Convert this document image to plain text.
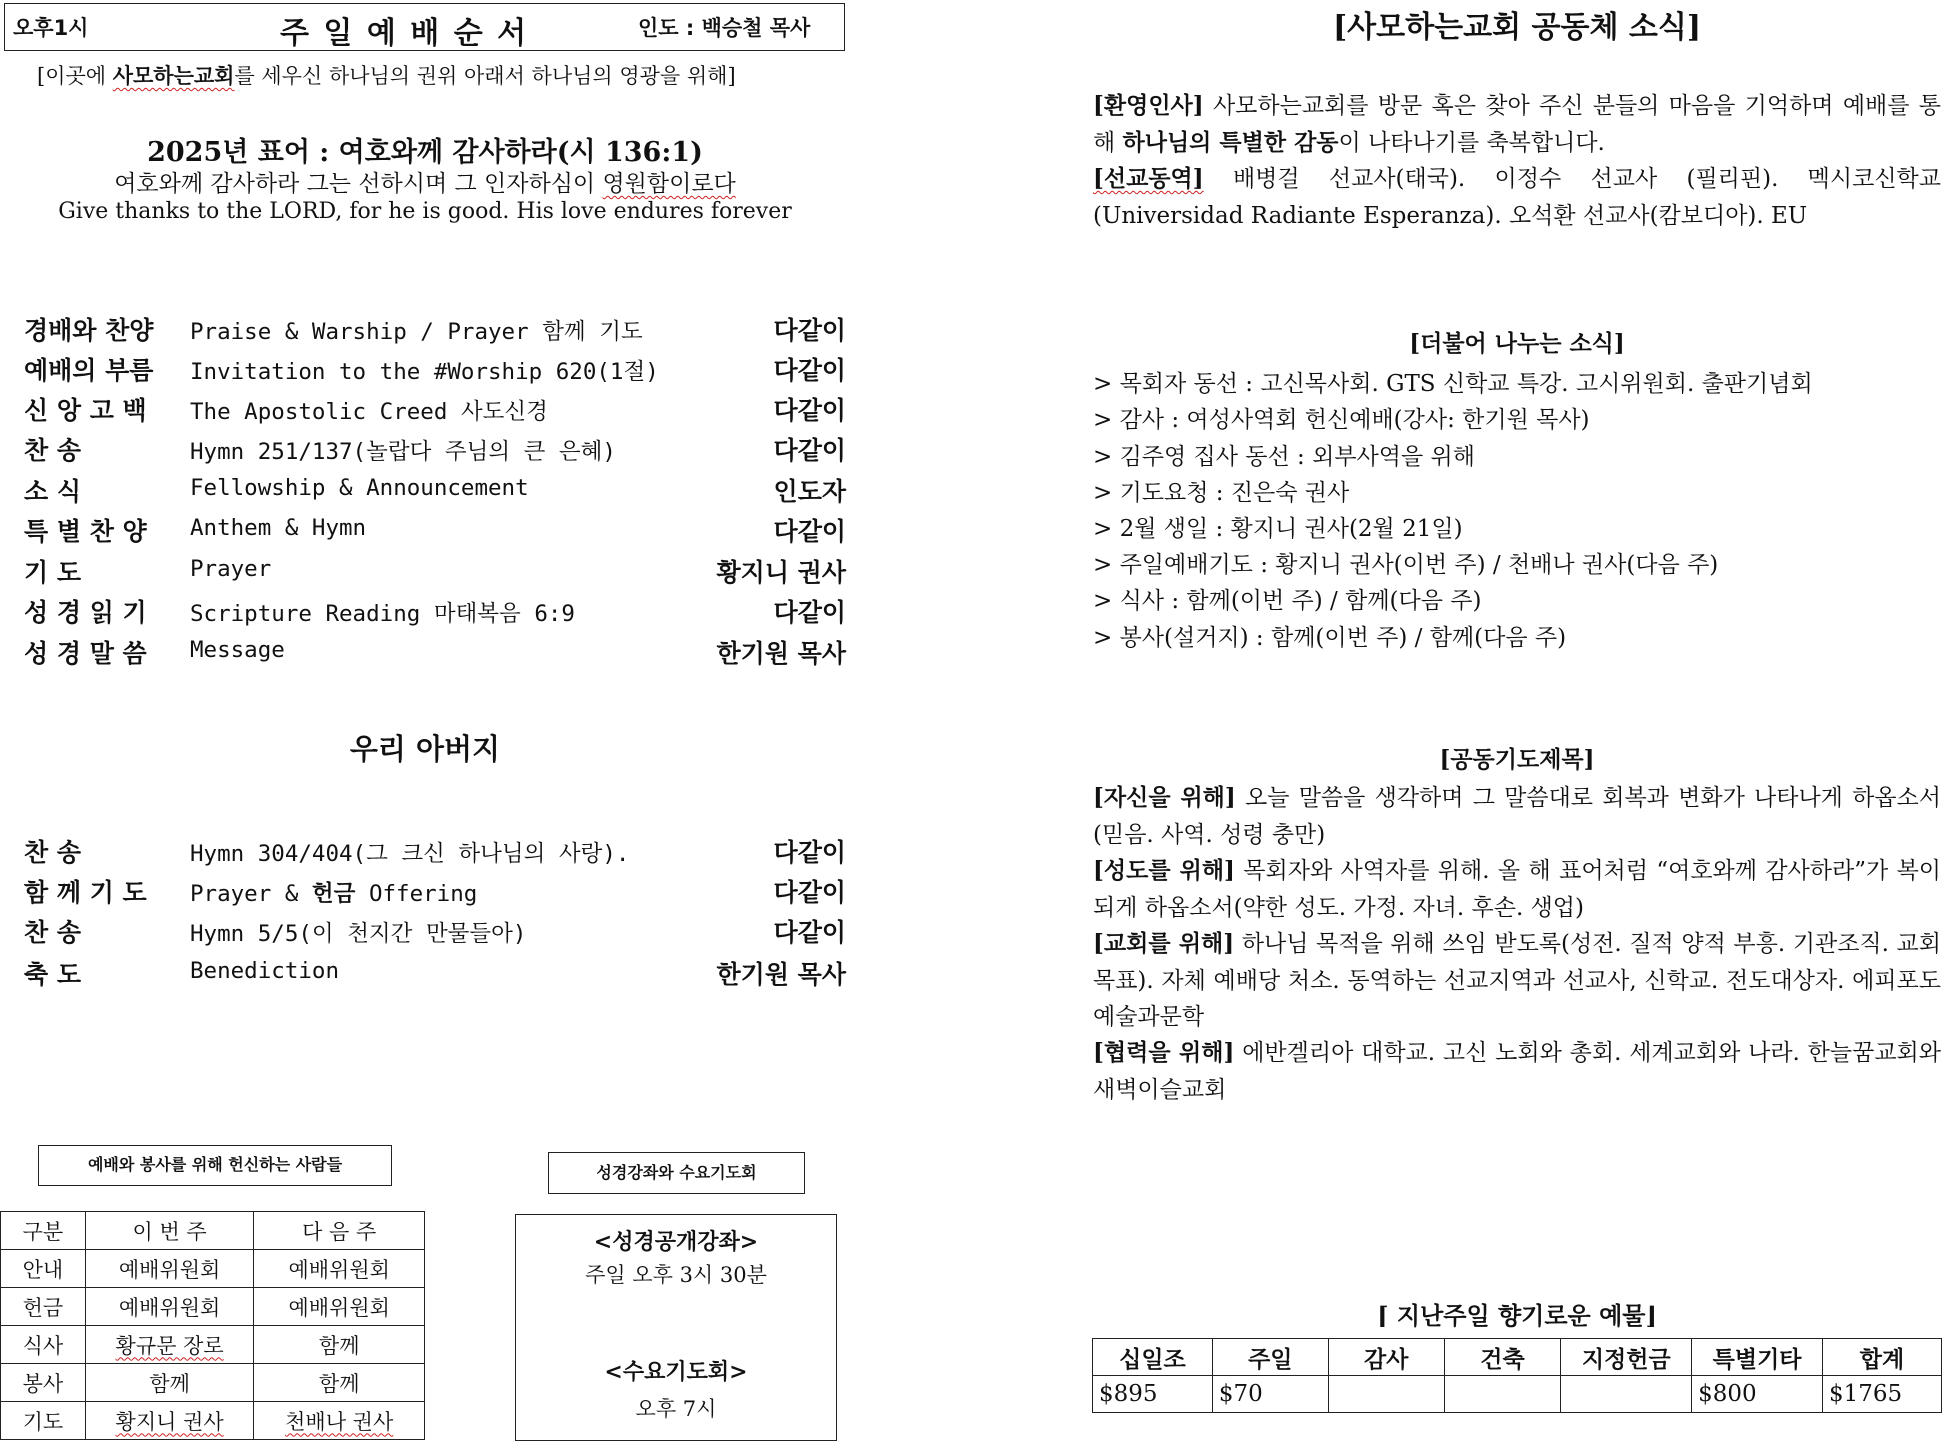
오후1시	주 일 예 배 순 서	인도 : 백승철 목사
[이곳에 사모하는교회를 세우신 하나님의 권위 아래서 하나님의 영광을 위해]
2025년 표어 : 여호와께 감사하라(시 136:1)
여호와께 감사하라 그는 선하시며 그 인자하심이 영원함이로다
Give thanks to the LORD, for he is good. His love endures forever
경배와 찬양	Praise & Warship / Prayer 함께 기도	다같이
예배의 부름	Invitation to the #Worship 620(1절)	다같이
신 앙 고 백	The Apostolic Creed 사도신경	다같이
찬 송	Hymn 251/137(놀랍다 주님의 큰 은혜)	다같이
소 식	Fellowship & Announcement	인도자
특 별 찬 양	Anthem & Hymn	다같이
기 도	Prayer	황지니 권사
성 경 읽 기	Scripture Reading 마태복음 6:9	다같이
성 경 말 씀	Message	한기원 목사
우리 아버지
찬 송	Hymn 304/404(그 크신 하나님의 사랑).	다같이
함 께 기 도	Prayer & 헌금 Offering	다같이
찬 송	Hymn 5/5(이 천지간 만물들아)	다같이
축 도	Benediction	한기원 목사
예배와 봉사를 위해 헌신하는 사람들
구분	이 번 주	다 음 주
안내	예배위원회	예배위원회
헌금	예배위원회	예배위원회
식사	황규문 장로	함께
봉사	함께	함께
기도	황지니 권사	천배나 권사
성경강좌와 수요기도회
<성경공개강좌>
주일 오후 3시 30분
<수요기도회>
오후 7시
[사모하는교회 공동체 소식]
[환영인사] 사모하는교회를 방문 혹은 찾아 주신 분들의 마음을 기억하며 예배를 통해 하나님의 특별한 감동이 나타나기를 축복합니다.
[선교동역] 배병걸 선교사(태국). 이정수 선교사 (필리핀). 멕시코신학교(Universidad Radiante Esperanza). 오석환 선교사(캄보디아). EU
[더불어 나누는 소식]
> 목회자 동선 : 고신목사회. GTS 신학교 특강. 고시위원회. 출판기념회
> 감사 : 여성사역회 헌신예배(강사: 한기원 목사)
> 김주영 집사 동선 : 외부사역을 위해
> 기도요청 : 진은숙 권사
> 2월 생일 : 황지니 권사(2월 21일)
> 주일예배기도 : 황지니 권사(이번 주) / 천배나 권사(다음 주)
> 식사 : 함께(이번 주) / 함께(다음 주)
> 봉사(설거지) : 함께(이번 주) / 함께(다음 주)
[공동기도제목]
[자신을 위해] 오늘 말씀을 생각하며 그 말씀대로 회복과 변화가 나타나게 하옵소서(믿음. 사역. 성령 충만)
[성도를 위해] 목회자와 사역자를 위해. 올 해 표어처럼 “여호와께 감사하라”가 복이 되게 하옵소서(약한 성도. 가정. 자녀. 후손. 생업)
[교회를 위해] 하나님 목적을 위해 쓰임 받도록(성전. 질적 양적 부흥. 기관조직. 교회 목표). 자체 예배당 처소. 동역하는 선교지역과 선교사, 신학교. 전도대상자. 에피포도예술과문학
[협력을 위해] 에반겔리아 대학교. 고신 노회와 총회. 세계교회와 나라. 한늘꿈교회와 새벽이슬교회
⌈ 지난주일 향기로운 예물⌋
십일조	주일	감사	건축	지정헌금	특별기타	합계
$895	$70				$800	$1765
